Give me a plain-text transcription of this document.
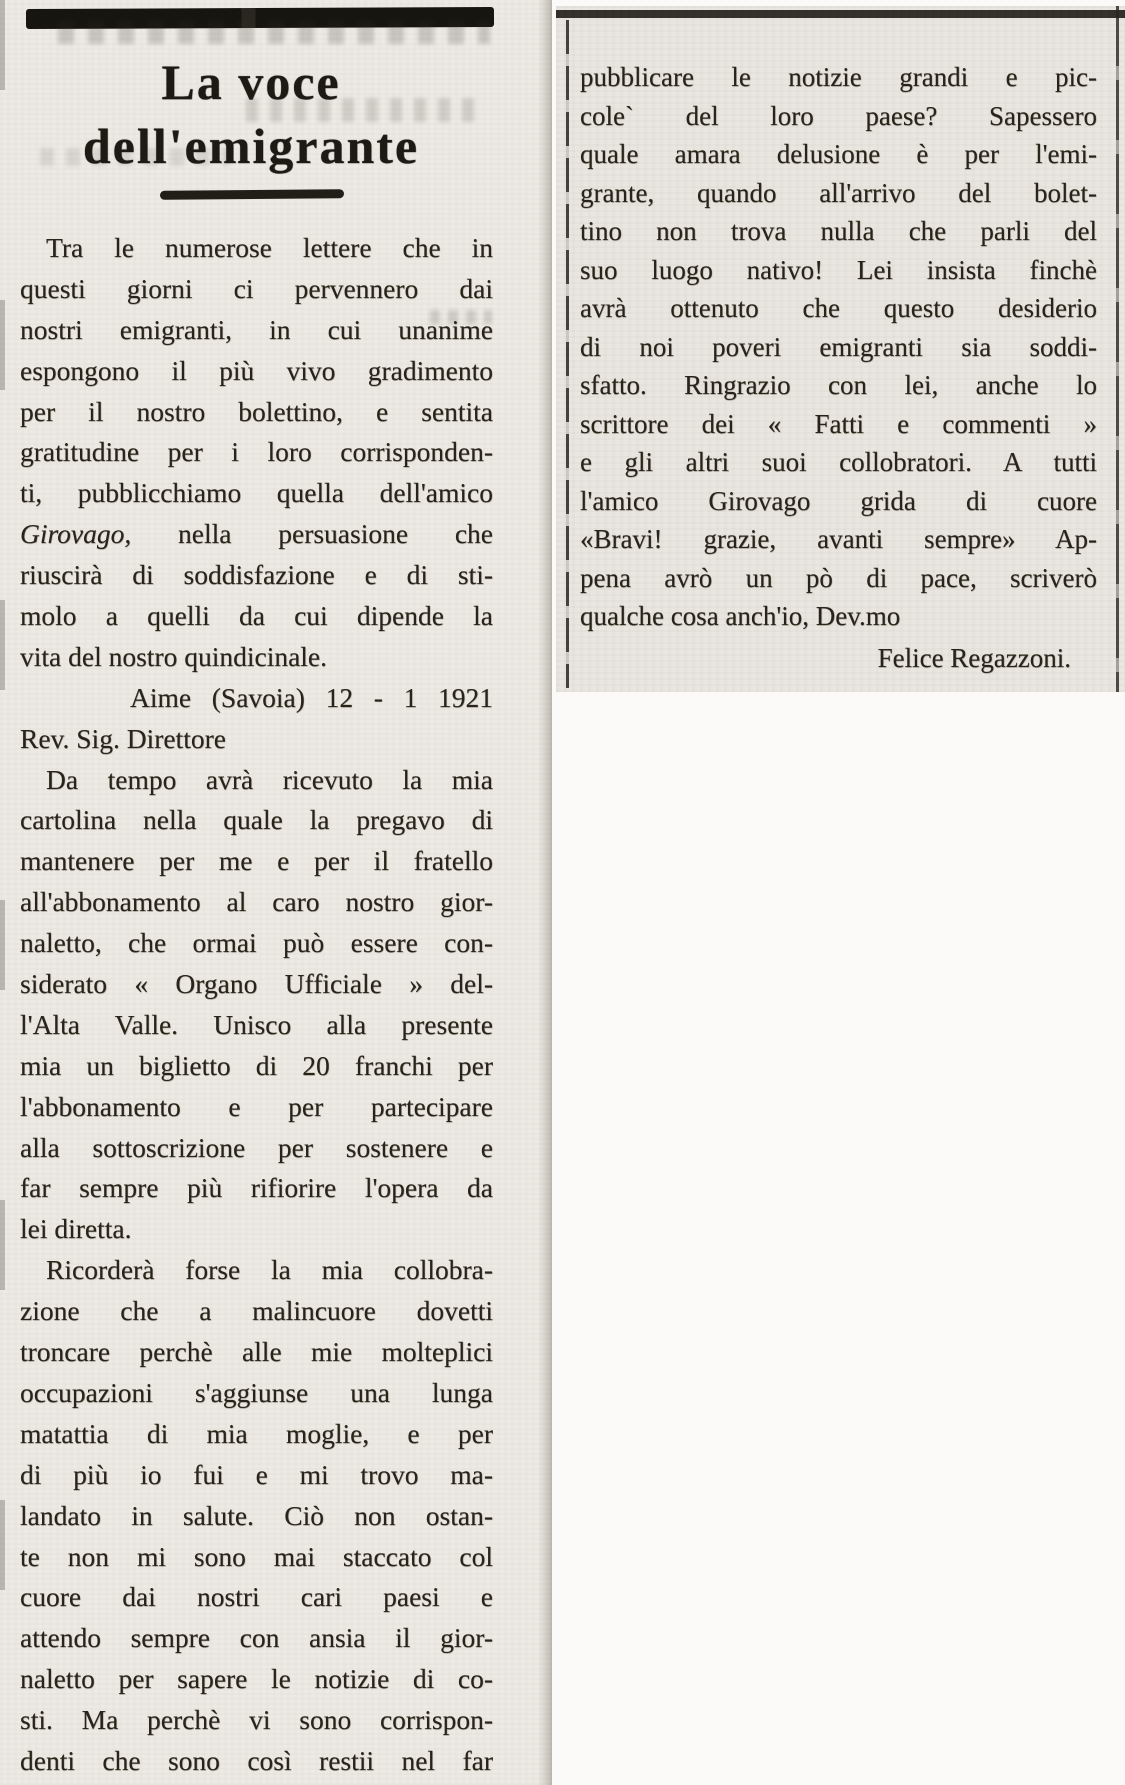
La voce
dell'emigrante
Tra le numerose lettere che in
questi giorni ci pervennero dai
nostri emigranti, in cui unanime
espongono il più vivo gradimento
per il nostro bolettino, e sentita
gratitudine per i loro corrisponden-
ti, pubblicchiamo quella dell'amico
Girovago, nella persuasione che
riuscirà di soddisfazione e di sti-
molo a quelli da cui dipende la
vita del nostro quindicinale.
Aime (Savoia) 12 - 1 1921
Rev. Sig. Direttore
Da tempo avrà ricevuto la mia
cartolina nella quale la pregavo di
mantenere per me e per il fratello
all'abbonamento al caro nostro gior-
naletto, che ormai può essere con-
siderato « Organo Ufficiale » del-
l'Alta Valle. Unisco alla presente
mia un biglietto di 20 franchi per
l'abbonamento e per partecipare
alla sottoscrizione per sostenere e
far sempre più rifiorire l'opera da
lei diretta.
Ricorderà forse la mia collobra-
zione che a malincuore dovetti
troncare perchè alle mie molteplici
occupazioni s'aggiunse una lunga
matattia di mia moglie, e per
di più io fui e mi trovo ma-
landato in salute. Ciò non ostan-
te non mi sono mai staccato col
cuore dai nostri cari paesi e
attendo sempre con ansia il gior-
naletto per sapere le notizie di co-
sti. Ma perchè vi sono corrispon-
denti che sono così restii nel far
pubblicare le notizie grandi e pic-
cole` del loro paese? Sapessero
quale amara delusione è per l'emi-
grante, quando all'arrivo del bolet-
tino non trova nulla che parli del
suo luogo nativo! Lei insista finchè
avrà ottenuto che questo desiderio
di noi poveri emigranti sia soddi-
sfatto. Ringrazio con lei, anche lo
scrittore dei « Fatti e commenti »
e gli altri suoi collobratori. A tutti
l'amico Girovago grida di cuore
«Bravi! grazie, avanti sempre» Ap-
pena avrò un pò di pace, scriverò
qualche cosa anch'io, Dev.mo
Felice Regazzoni.
